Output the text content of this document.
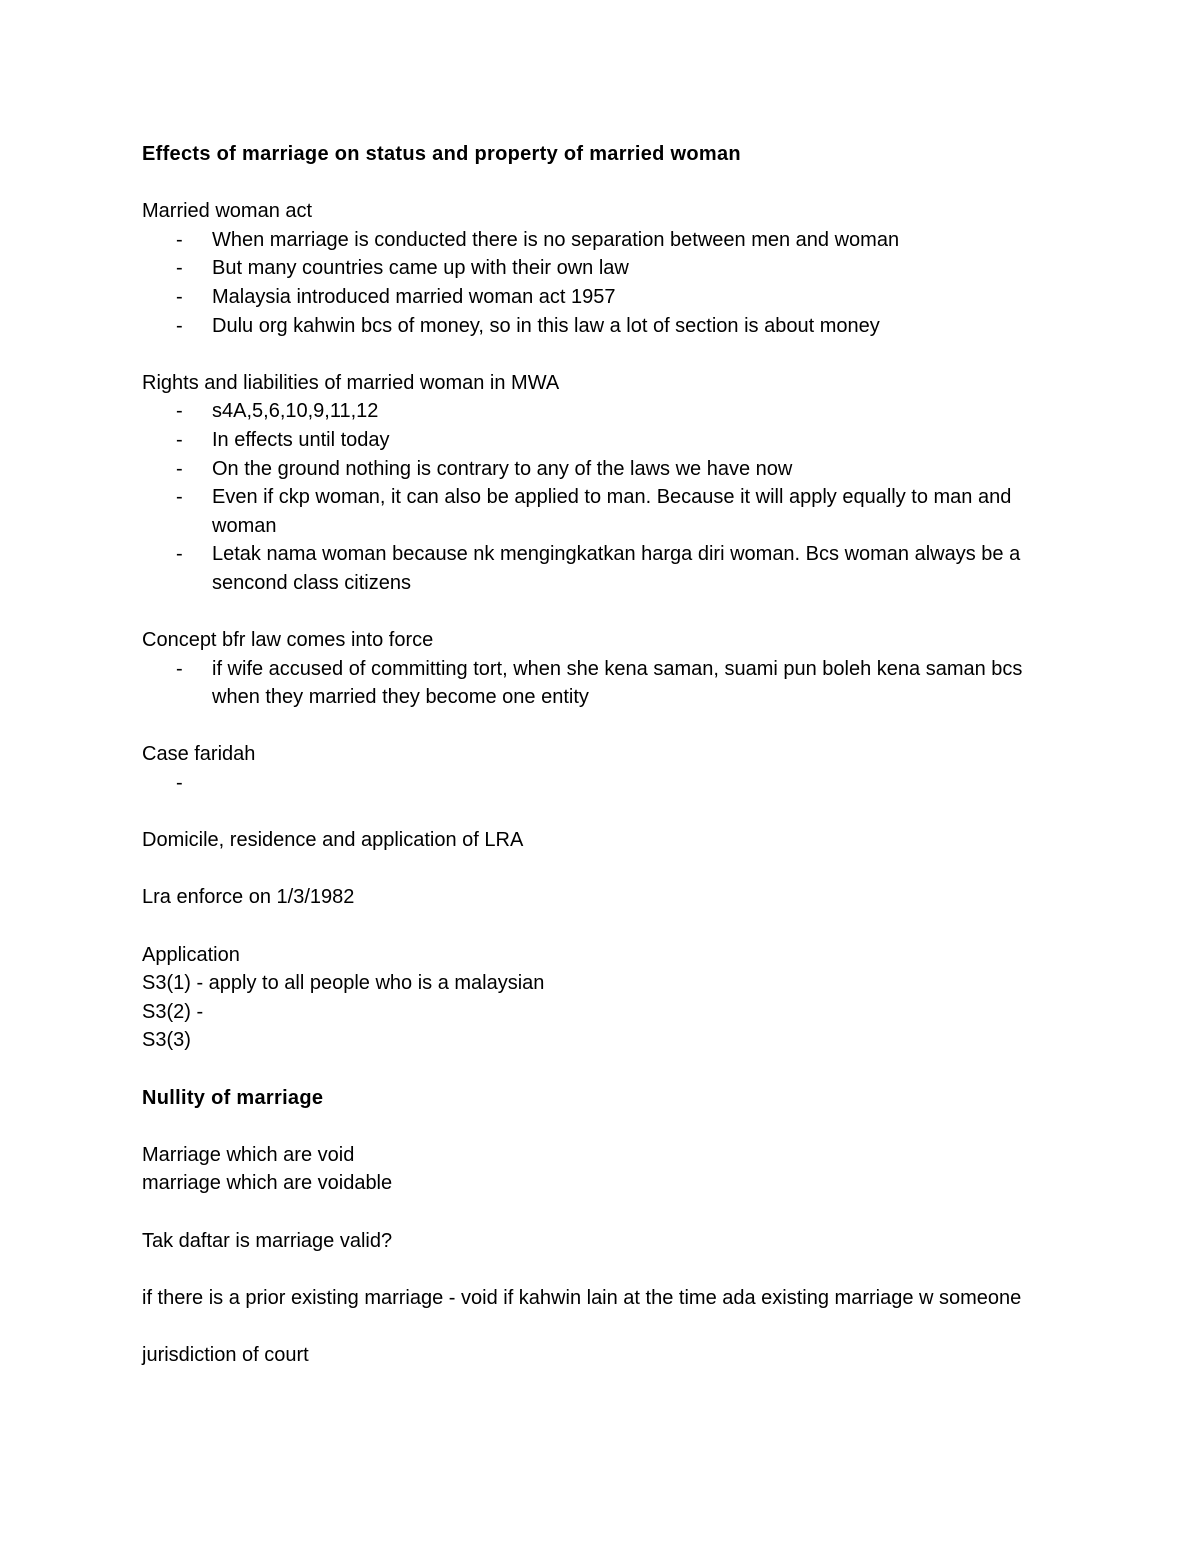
Effects of marriage on status and property of married woman

Married woman act

- When marriage is conducted there is no separation between men and woman
- But many countries came up with their own law
- Malaysia introduced married woman act 1957
- Dulu org kahwin bcs of money, so in this law a lot of section is about money

Rights and liabilities of married woman in MWA

- s4A,5,6,10,9,11,12
- In effects until today
- On the ground nothing is contrary to any of the laws we have now
- Even if ckp woman, it can also be applied to man. Because it will apply equally to man and woman
- Letak nama woman because nk mengingkatkan harga diri woman. Bcs woman always be a sencond class citizens

Concept bfr law comes into force

- if wife accused of committing tort, when she kena saman, suami pun boleh kena saman bcs when they married they become one entity

Case faridah

-

Domicile, residence and application of LRA

Lra enforce on 1/3/1982

Application

S3(1) - apply to all people who is a malaysian

S3(2) -

S3(3)

Nullity of marriage

Marriage which are void

marriage which are voidable

Tak daftar is marriage valid?

if there is a prior existing marriage - void if kahwin lain at the time ada existing marriage w someone

jurisdiction of court
